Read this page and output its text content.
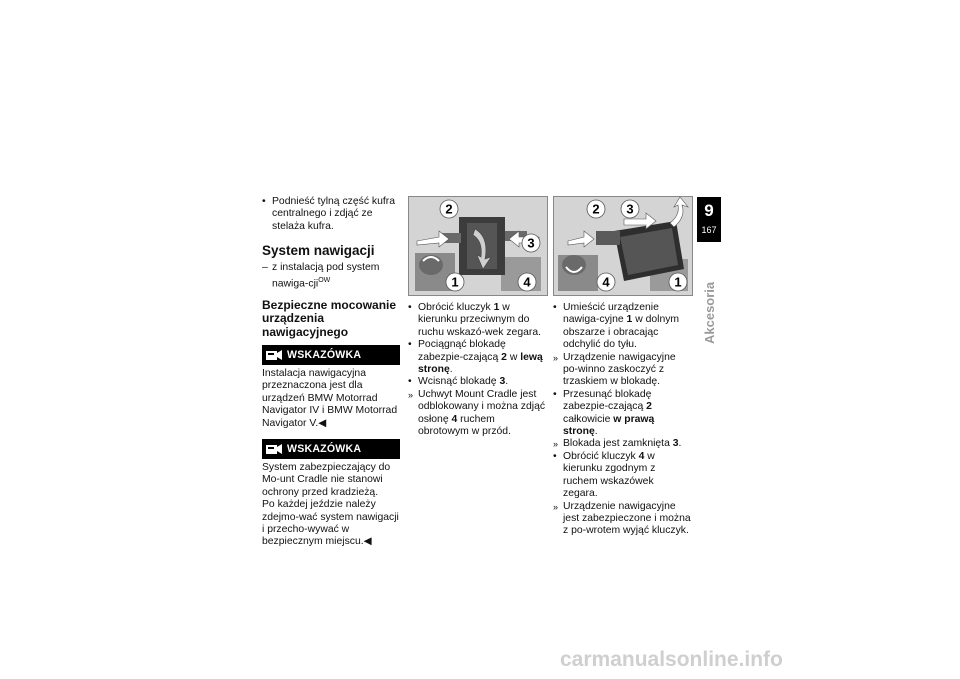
• Podnieść tylną część kufra centralnego i zdjąć ze stelaża kufra.

System nawigacji

– z instalacją pod system nawiga-cji$^{OW}$

Bezpieczne mocowanie urządzenia nawigacyjnego
WSKAZÓWKA

Instalacja nawigacyjna przeznaczona jest dla urządzeń BMW Motorrad Navigator IV i BMW Motorrad Navigator V.◀

WSKAZÓWKA

System zabezpieczający do Mo-unt Cradle nie stanowi ochrony przed kradzieżą.

Po każdej jeździe należy zdejmo-wać system nawigacji i przecho-wywać w bezpiecznym miejscu.◀

2
3
1	4

• Obrócić kluczyk 1 w kierunku przeciwnym do ruchu wskazó-wek zegara.

• Pociągnąć blokadę zabezpie-czającą 2 w lewą stronę.

• Wcisnąć blokadę 3.

» Uchwyt Mount Cradle jest odblokowany i można zdjąć osłonę 4 ruchem obrotowym w przód.

2 3
4	1

• Umieścić urządzenie nawiga-cyjne 1 w dolnym obszarze i obracając odchylić do tyłu.

» Urządzenie nawigacyjne po-winno zaskoczyć z trzaskiem w blokadę.

• Przesunąć blokadę zabezpie-czającą 2 całkowicie w prawą stronę.

» Blokada jest zamknięta 3.

• Obrócić kluczyk 4 w kierunku zgodnym z ruchem wskazówek zegara.

» Urządzenie nawigacyjne jest zabezpieczone i można z po-wrotem wyjąć kluczyk.

9
167
Akcesoria
carmanualsonline.info
